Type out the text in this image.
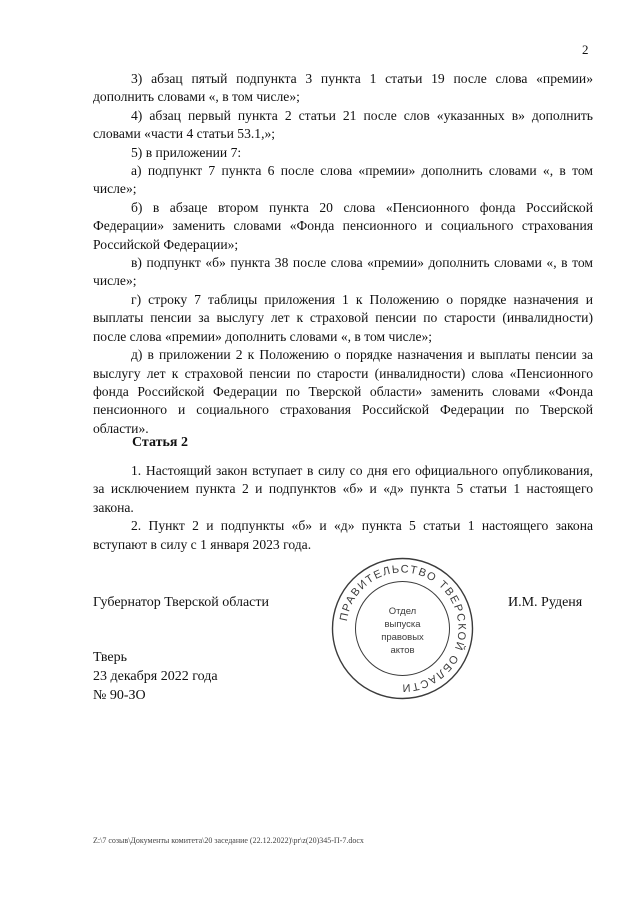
2

3) абзац пятый подпункта 3 пункта 1 статьи 19 после слова «премии» дополнить словами «, в том числе»;

4) абзац первый пункта 2 статьи 21 после слов «указанных в» дополнить словами «части 4 статьи 53.1,»;

5) в приложении 7:

а) подпункт 7 пункта 6 после слова «премии» дополнить словами «, в том числе»;

б) в абзаце втором пункта 20 слова «Пенсионного фонда Российской Федерации» заменить словами «Фонда пенсионного и социального страхования Российской Федерации»;

в) подпункт «б» пункта 38 после слова «премии» дополнить словами «, в том числе»;

г) строку 7 таблицы приложения 1 к Положению о порядке назначения и выплаты пенсии за выслугу лет к страховой пенсии по старости (инвалидности) после слова «премии» дополнить словами «, в том числе»;

д) в приложении 2 к Положению о порядке назначения и выплаты пенсии за выслугу лет к страховой пенсии по старости (инвалидности) слова «Пенсионного фонда Российской Федерации по Тверской области» заменить словами «Фонда пенсионного и социального страхования Российской Федерации по Тверской области».

Статья 2

1. Настоящий закон вступает в силу со дня его официального опубликования, за исключением пункта 2 и подпунктов «б» и «д» пункта 5 статьи 1 настоящего закона.

2. Пункт 2 и подпункты «б» и «д» пункта 5 статьи 1 настоящего закона вступают в силу с 1 января 2023 года.

Губернатор Тверской области	И.М. Руденя
Тверь
23 декабря 2022 года
№ 90-ЗО
ПРАВИТЕЛЬСТВО ТВЕРСКОЙ ОБЛАСТИ
Отдел
выпуска
правовых
актов
Z:\7 созыв\Документы комитета\20 заседание (22.12.2022)\pr\z(20)345-П-7.docx
